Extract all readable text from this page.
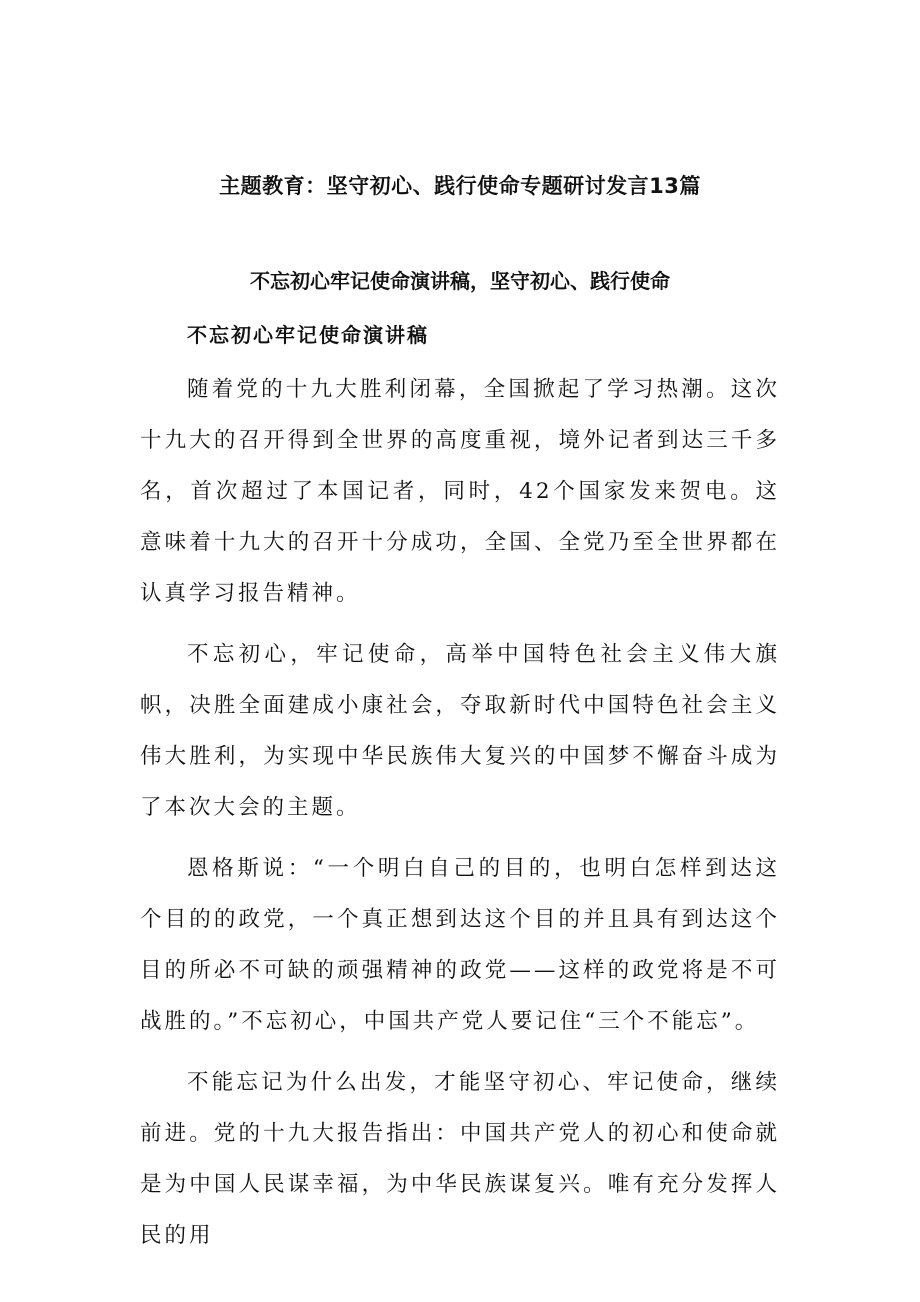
主题教育：坚守初心、践行使命专题研讨发言13篇
不忘初心牢记使命演讲稿，坚守初心、践行使命
不忘初心牢记使命演讲稿

随着党的十九大胜利闭幕，全国掀起了学习热潮。这次十九大的召开得到全世界的高度重视，境外记者到达三千多名，首次超过了本国记者，同时，42个国家发来贺电。这意味着十九大的召开十分成功，全国、全党乃至全世界都在认真学习报告精神。

不忘初心，牢记使命，高举中国特色社会主义伟大旗帜，决胜全面建成小康社会，夺取新时代中国特色社会主义伟大胜利，为实现中华民族伟大复兴的中国梦不懈奋斗成为了本次大会的主题。

恩格斯说：“一个明白自己的目的，也明白怎样到达这个目的的政党，一个真正想到达这个目的并且具有到达这个目的所必不可缺的顽强精神的政党——这样的政党将是不可战胜的。”不忘初心，中国共产党人要记住“三个不能忘”。

不能忘记为什么出发，才能坚守初心、牢记使命，继续前进。党的十九大报告指出：中国共产党人的初心和使命就是为中国人民谋幸福，为中华民族谋复兴。唯有充分发挥人民的用
